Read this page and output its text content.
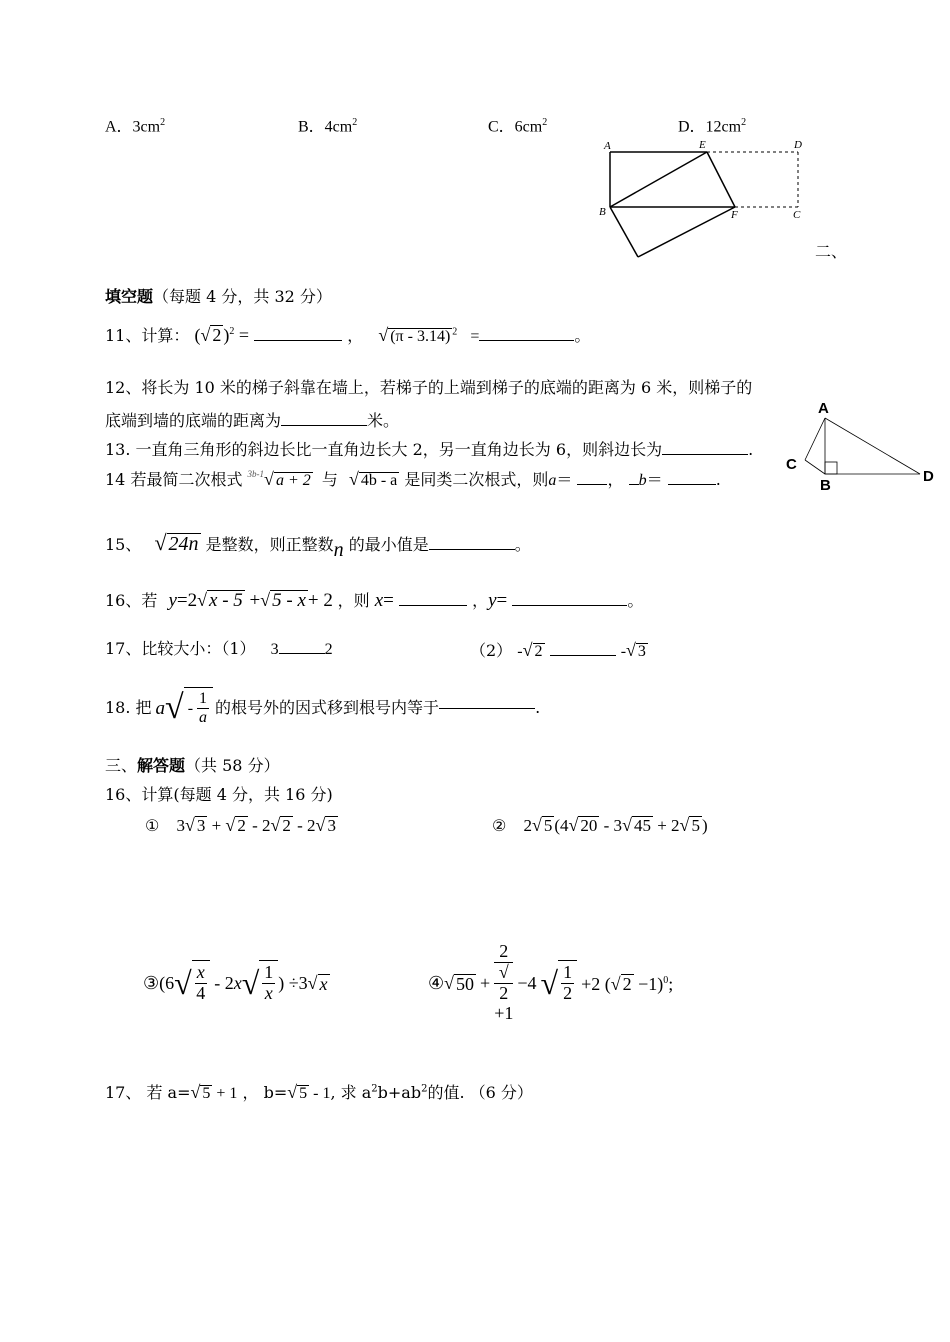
A．$3cm^2$	B．$4cm^2$	C．$6cm^2$	D．$12cm^2$
A	E	D
B	F	C
二、
填空题（每题 4 分，共 32 分）
11、计算： (√ 2 )$^2$ =	， √ (π - 3.14) $^2$ =	。
12、将长为 10 米的梯子斜靠在墙上，若梯子的上端到梯子的底端的距离为 6 米，则梯子的
底端到墙的底端的距离为	米。
13. 一直角三角形的斜边长比一直角边长大 2，另一直角边长为 6，则斜边长为	.
A
C
B
D
14 若最简二次根式 $^{3b-1}$√ a + 2 与 √ 4b - a 是同类二次根式，则a＝ ， b＝	.
15、 √ 24n 是整数，则正整数n 的最小值是	。
16、若 y=2√ x - 5 +√ 5 - x + 2 ，则 x=	，y=	。
17、比较大小：（1） 3	2	（2） -√ 2	-√ 3
18. 把 a √ - $\frac{1}{a}$ 的根号外的因式移到根号内等于	.
三、解答题（共 58 分）
16、计算(每题 4 分，共 16 分)
① 3√ 3 + √ 2 - 2√ 2 - 2√ 3	② 2√ 5 (4√ 20 - 3√ 45 + 2√ 5 )
③ (6 √ $\frac{x}{4} - 2$ x √ $\frac{1}{x}$ ) ÷3 √ x	④ √ 50 + 2
√
2
+1 −4 √ $\frac{1}{2} +2$ (√ 2 −1)$^0$;
17、 若 a=√ 5 + 1 ， b=√ 5 - 1, 求 $a^2b+ab^2$的值. （6 分）
